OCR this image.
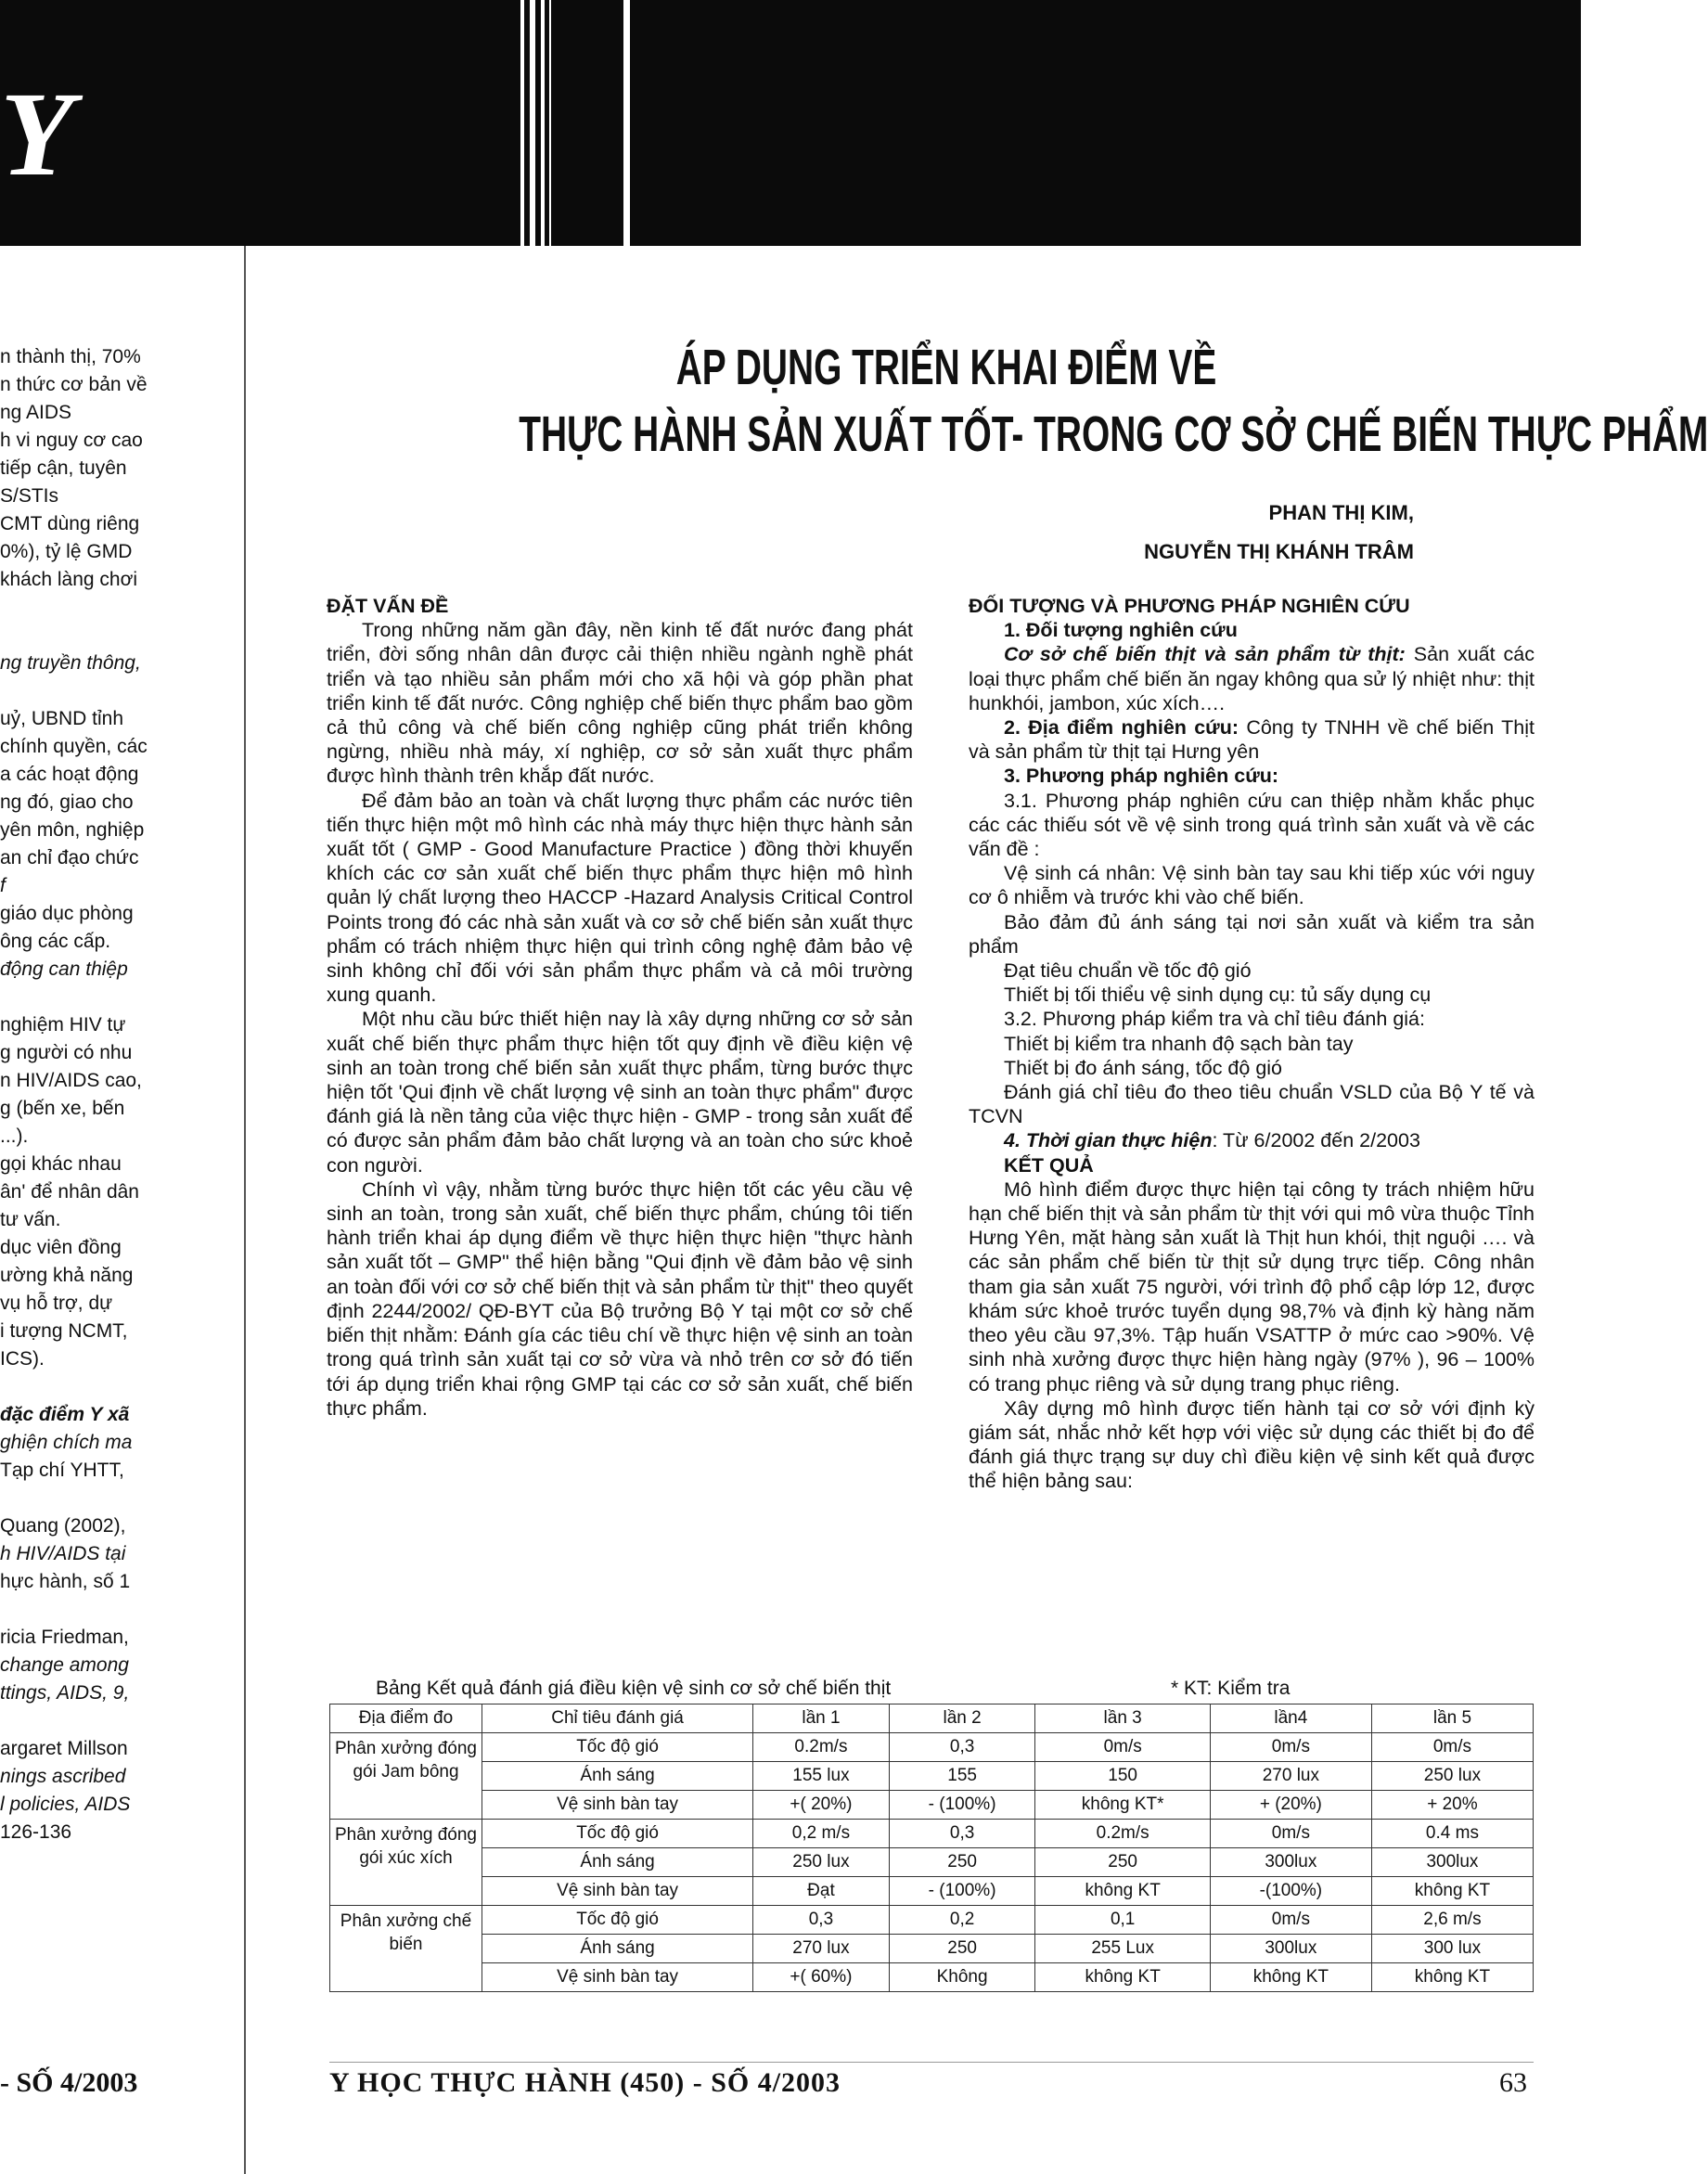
Y
n thành thị, 70%
n thức cơ bản về
ng AIDS
h vi nguy cơ cao
tiếp cận, tuyên
S/STIs
CMT dùng riêng
0%), tỷ lệ GMD
khách làng chơi
ng truyền thông,
uỷ, UBND tỉnh
chính quyền, các
a các hoạt động
ng đó, giao cho
yên môn, nghiệp
an chỉ đạo chức
f
giáo dục phòng
ông các cấp.
động can thiệp
nghiệm HIV tự
g người có nhu
n HIV/AIDS cao,
g (bến xe, bến
...).
gọi khác nhau
ân' để nhân dân
tư vấn.
dục viên đồng
ường khả năng
vụ hỗ trợ, dự
i tượng NCMT,
ICS).
đặc điểm Y xã
ghiện chích ma
Tạp chí YHTT,
Quang (2002),
h HIV/AIDS tại
hực hành, số 1
ricia Friedman,
change among
ttings, AIDS, 9,
argaret Millson
nings ascribed
l policies, AIDS
126-136
ÁP DỤNG TRIỂN KHAI ĐIỂM VỀ
THỰC HÀNH SẢN XUẤT TỐT- TRONG CƠ SỞ CHẾ BIẾN THỰC PHẨM
PHAN THỊ KIM,
NGUYỄN THỊ KHÁNH TRÂM

ĐẶT VẤN ĐỀ

Trong những năm gần đây, nền kinh tế đất nước đang phát triển, đời sống nhân dân được cải thiện nhiều ngành nghề phát triển và tạo nhiều sản phẩm mới cho xã hội và góp phần phat triển kinh tế đất nước. Công nghiệp chế biến thực phẩm bao gồm cả thủ công và chế biến công nghiệp cũng phát triển không ngừng, nhiều nhà máy, xí nghiệp, cơ sở sản xuất thực phẩm được hình thành trên khắp đất nước.

Để đảm bảo an toàn và chất lượng thực phẩm các nước tiên tiến thực hiện một mô hình các nhà máy thực hiện thực hành sản xuất tốt ( GMP - Good Manufacture Practice ) đồng thời khuyến khích các cơ sản xuất chế biến thực phẩm thực hiện mô hình quản lý chất lượng theo HACCP -Hazard Analysis Critical Control Points trong đó các nhà sản xuất và cơ sở chế biến sản xuất thực phẩm có trách nhiệm thực hiện qui trình công nghệ đảm bảo vệ sinh không chỉ đối với sản phẩm thực phẩm và cả môi trường xung quanh.

Một nhu cầu bức thiết hiện nay là xây dựng những cơ sở sản xuất chế biến thực phẩm thực hiện tốt quy định về điều kiện vệ sinh an toàn trong chế biến sản xuất thực phẩm, từng bước thực hiện tốt 'Qui định về chất lượng vệ sinh an toàn thực phẩm" được đánh giá là nền tảng của việc thực hiện - GMP - trong sản xuất để có được sản phẩm đảm bảo chất lượng và an toàn cho sức khoẻ con người.

Chính vì vậy, nhằm từng bước thực hiện tốt các yêu cầu vệ sinh an toàn, trong sản xuất, chế biến thực phẩm, chúng tôi tiến hành triển khai áp dụng điểm về thực hiện thực hiện "thực hành sản xuất tốt – GMP" thể hiện bằng "Qui định về đảm bảo vệ sinh an toàn đối với cơ sở chế biến thịt và sản phẩm từ thịt" theo quyết định 2244/2002/ QĐ-BYT của Bộ trưởng Bộ Y tại một cơ sở chế biến thịt nhằm: Đánh gía các tiêu chí về thực hiện vệ sinh an toàn trong quá trình sản xuất tại cơ sở vừa và nhỏ trên cơ sở đó tiến tới áp dụng triển khai rộng GMP tại các cơ sở sản xuất, chế biến thực phẩm.

ĐỐI TƯỢNG VÀ PHƯƠNG PHÁP NGHIÊN CỨU

1. Đối tượng nghiên cứu

Cơ sở chế biến thịt và sản phẩm từ thịt: Sản xuất các loại thực phẩm chế biến ăn ngay không qua sử lý nhiệt như: thịt hunkhói, jambon, xúc xích….

2. Địa điểm nghiên cứu: Công ty TNHH về chế biến Thịt và sản phẩm từ thịt tại Hưng yên

3. Phương pháp nghiên cứu:

3.1. Phương pháp nghiên cứu can thiệp nhằm khắc phục các các thiếu sót về vệ sinh trong quá trình sản xuất và về các vấn đề :

Vệ sinh cá nhân: Vệ sinh bàn tay sau khi tiếp xúc với nguy cơ ô nhiễm và trước khi vào chế biến.

Bảo đảm đủ ánh sáng tại nơi sản xuất và kiểm tra sản phẩm

Đạt tiêu chuẩn về tốc độ gió

Thiết bị tối thiểu vệ sinh dụng cụ: tủ sấy dụng cụ

3.2. Phương pháp kiểm tra và chỉ tiêu đánh giá:

Thiết bị kiểm tra nhanh độ sạch bàn tay

Thiết bị đo ánh sáng, tốc độ gió

Đánh giá chỉ tiêu đo theo tiêu chuẩn VSLD của Bộ Y tế và TCVN

4. Thời gian thực hiện: Từ 6/2002 đến 2/2003

KẾT QUẢ

Mô hình điểm được thực hiện tại công ty trách nhiệm hữu hạn chế biến thịt và sản phẩm từ thịt với qui mô vừa thuộc Tỉnh Hưng Yên, mặt hàng sản xuất là Thịt hun khói, thịt nguội …. và các sản phẩm chế biến từ thịt sử dụng trực tiếp. Công nhân tham gia sản xuất 75 người, với trình độ phổ cập lớp 12, được khám sức khoẻ trước tuyển dụng 98,7% và định kỳ hàng năm theo yêu cầu 97,3%. Tập huấn VSATTP ở mức cao >90%. Vệ sinh nhà xưởng được thực hiện hàng ngày (97% ), 96 – 100% có trang phục riêng và sử dụng trang phục riêng.

Xây dựng mô hình được tiến hành tại cơ sở với định kỳ giám sát, nhắc nhở kết hợp với việc sử dụng các thiết bị đo để đánh giá thực trạng sự duy chì điều kiện vệ sinh kết quả được thể hiện bảng sau:

Bảng Kết quả đánh giá điều kiện vệ sinh cơ sở chế biến thịt	* KT: Kiểm tra
Địa điểm đo	Chỉ tiêu đánh giá	lần 1	lần 2	lần 3	lần4	lần 5
Phân xưởng đóng gói Jam bông	Tốc độ gió	0.2m/s	0,3	0m/s	0m/s	0m/s
	Ánh sáng	155 lux	155	150	270 lux	250 lux
	Vệ sinh bàn tay	+( 20%)	- (100%)	không KT*	+ (20%)	+ 20%
Phân xưởng đóng gói xúc xích	Tốc độ gió	0,2 m/s	0,3	0.2m/s	0m/s	0.4 ms
	Ánh sáng	250 lux	250	250	300lux	300lux
	Vệ sinh bàn tay	Đạt	- (100%)	không KT	-(100%)	không KT
Phân xưởng chế biến	Tốc độ gió	0,3	0,2	0,1	0m/s	2,6 m/s
	Ánh sáng	270 lux	250	255 Lux	300lux	300 lux
	Vệ sinh bàn tay	+( 60%)	Không	không KT	không KT	không KT
- SỐ 4/2003	Y HỌC THỰC HÀNH (450) - SỐ 4/2003	63
